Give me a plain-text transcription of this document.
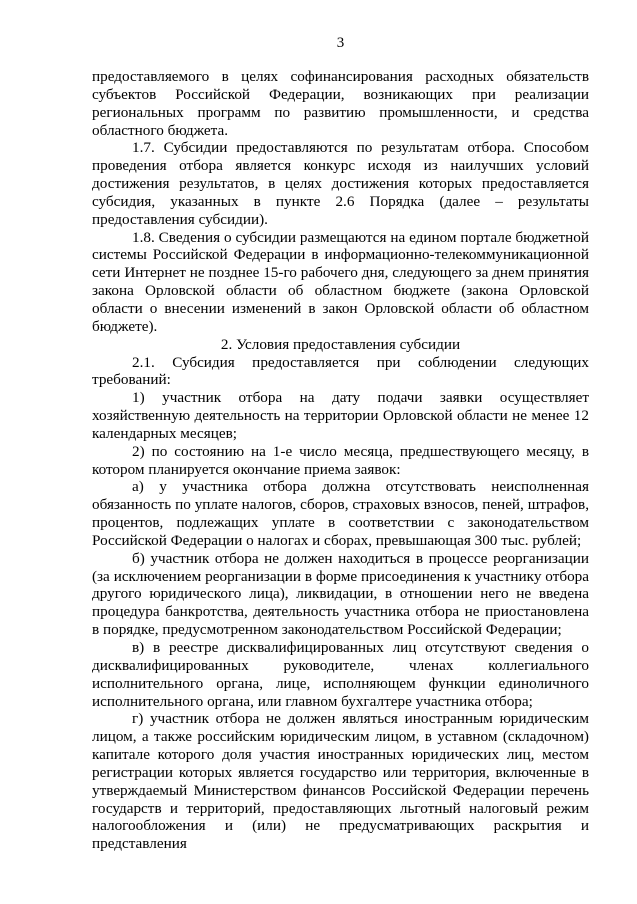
3

предоставляемого в целях софинансирования расходных обязательств субъектов Российской Федерации, возникающих при реализации региональных программ по развитию промышленности, и средства областного бюджета.

1.7. Субсидии предоставляются по результатам отбора. Способом проведения отбора является конкурс исходя из наилучших условий достижения результатов, в целях достижения которых предоставляется субсидия, указанных в пункте 2.6 Порядка (далее – результаты предоставления субсидии).

1.8. Сведения о субсидии размещаются на едином портале бюджетной системы Российской Федерации в информационно-телекоммуникационной сети Интернет не позднее 15-го рабочего дня, следующего за днем принятия закона Орловской области об областном бюджете (закона Орловской области о внесении изменений в закон Орловской области об областном бюджете).

2. Условия предоставления субсидии

2.1. Субсидия предоставляется при соблюдении следующих требований:

1) участник отбора на дату подачи заявки осуществляет хозяйственную деятельность на территории Орловской области не менее 12 календарных месяцев;

2) по состоянию на 1-е число месяца, предшествующего месяцу, в котором планируется окончание приема заявок:

а) у участника отбора должна отсутствовать неисполненная обязанность по уплате налогов, сборов, страховых взносов, пеней, штрафов, процентов, подлежащих уплате в соответствии с законодательством Российской Федерации о налогах и сборах, превышающая 300 тыс. рублей;

б) участник отбора не должен находиться в процессе реорганизации (за исключением реорганизации в форме присоединения к участнику отбора другого юридического лица), ликвидации, в отношении него не введена процедура банкротства, деятельность участника отбора не приостановлена в порядке, предусмотренном законодательством Российской Федерации;

в) в реестре дисквалифицированных лиц отсутствуют сведения о дисквалифицированных руководителе, членах коллегиального исполнительного органа, лице, исполняющем функции единоличного исполнительного органа, или главном бухгалтере участника отбора;

г) участник отбора не должен являться иностранным юридическим лицом, а также российским юридическим лицом, в уставном (складочном) капитале которого доля участия иностранных юридических лиц, местом регистрации которых является государство или территория, включенные в утверждаемый Министерством финансов Российской Федерации перечень государств и территорий, предоставляющих льготный налоговый режим налогообложения и (или) не предусматривающих раскрытия и представления
